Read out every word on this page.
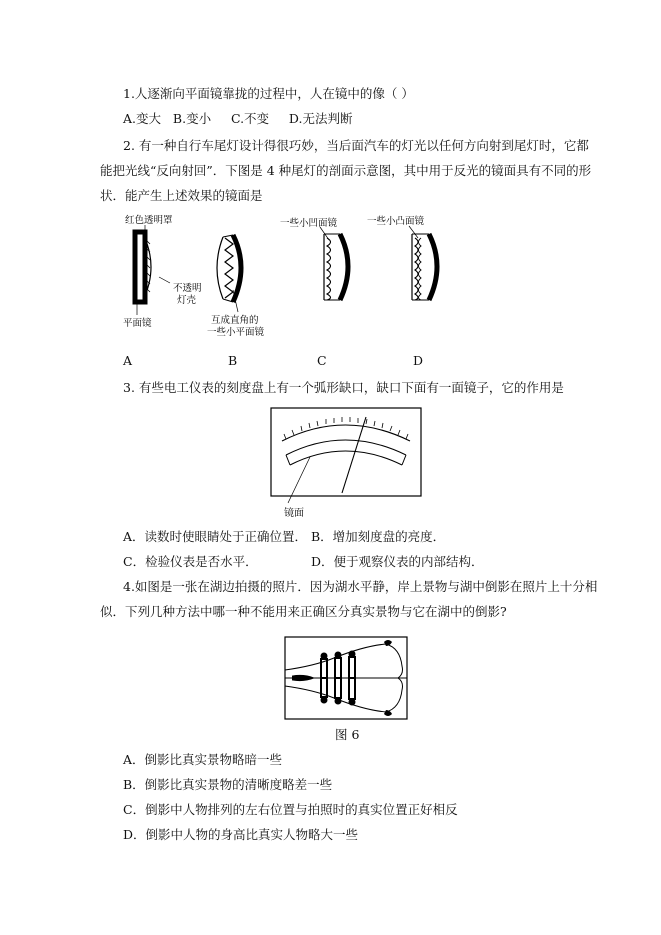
1.人逐渐向平面镜靠拢的过程中，人在镜中的像（ ）
A.变大   B.变小     C.不变     D.无法判断
2. 有一种自行车尾灯设计得很巧妙，当后面汽车的灯光以任何方向射到尾灯时，它都
能把光线“反向射回”．下图是 4 种尾灯的剖面示意图，其中用于反光的镜面具有不同的形
状．能产生上述效果的镜面是
红色透明罩
不透明
灯壳
平面镜	互成直角的
一些小平面镜
一些小凹面镜	一些小凸面镜
A	B	C	D
3. 有些电工仪表的刻度盘上有一个弧形缺口，缺口下面有一面镜子，它的作用是
镜面
A．读数时使眼睛处于正确位置． B．增加刻度盘的亮度．
C．检验仪表是否水平．	D．便于观察仪表的内部结构．
4.如图是一张在湖边拍摄的照片．因为湖水平静，岸上景物与湖中倒影在照片上十分相
似．下列几种方法中哪一种不能用来正确区分真实景物与它在湖中的倒影?
图 6
A．倒影比真实景物略暗一些
B．倒影比真实景物的清晰度略差一些
C．倒影中人物排列的左右位置与拍照时的真实位置正好相反
D．倒影中人物的身高比真实人物略大一些
